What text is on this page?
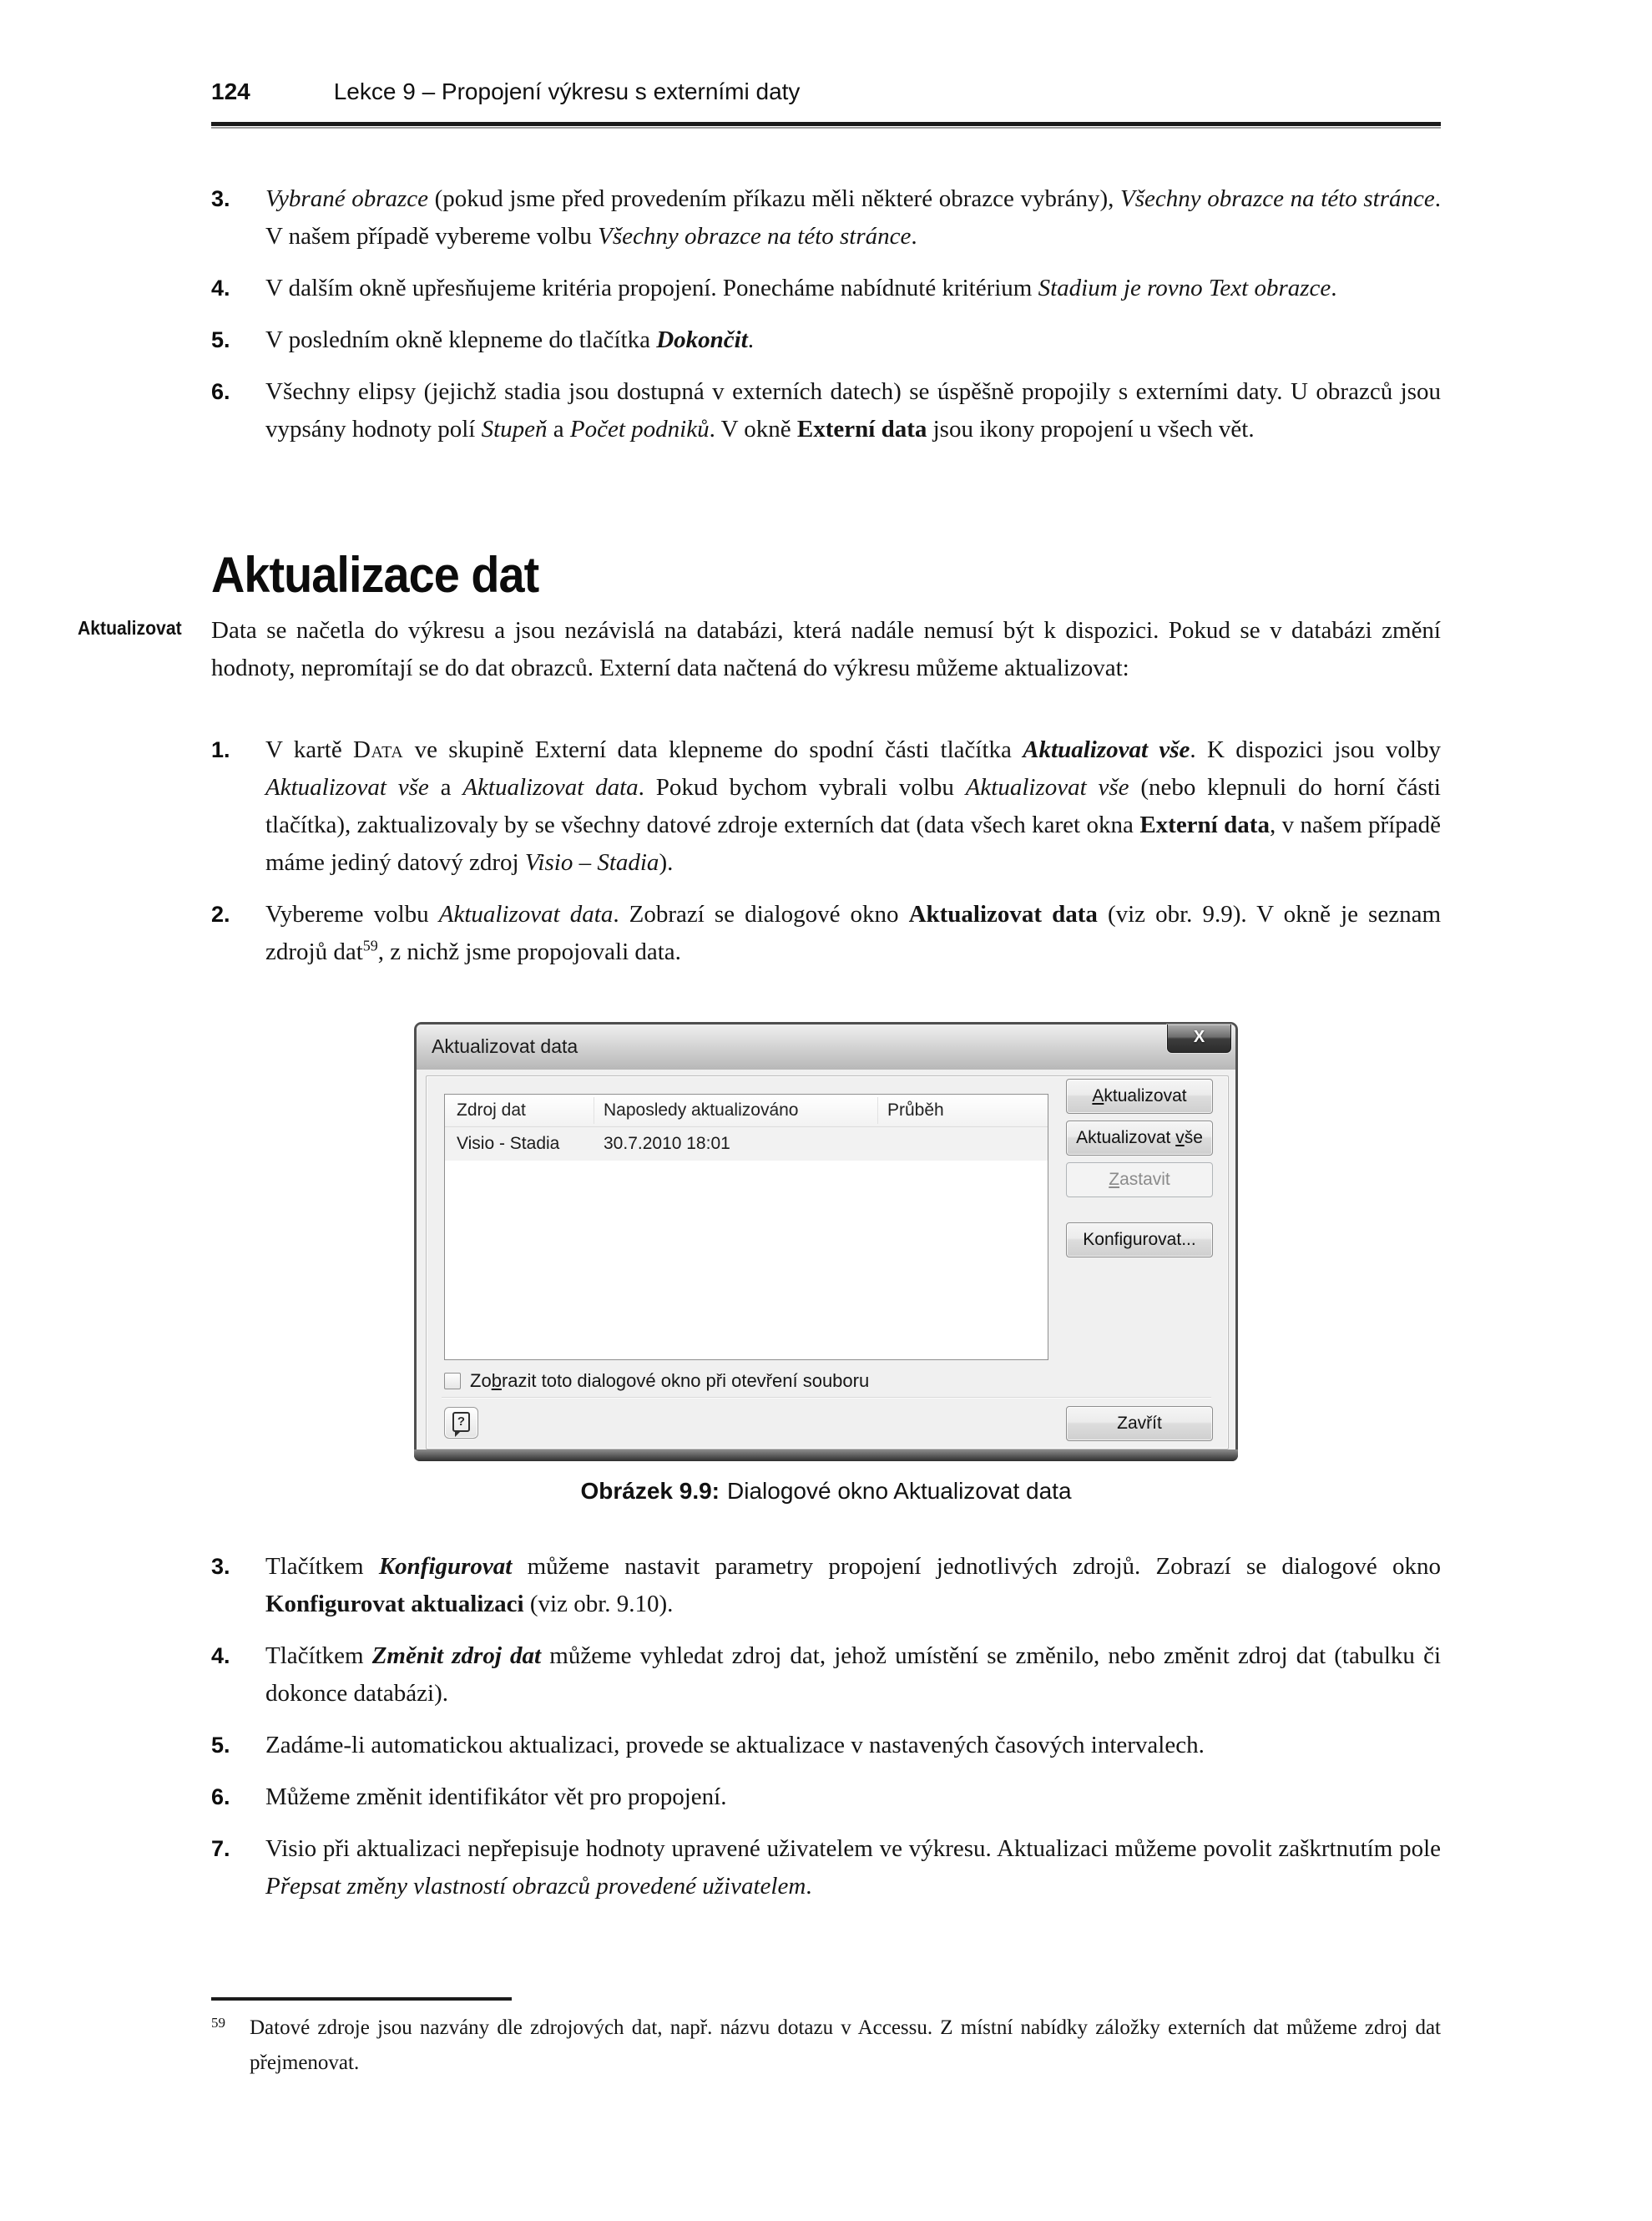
124	Lekce 9 – Propojení výkresu s externími daty
3.	Vybrané obrazce (pokud jsme před provedením příkazu měli některé obrazce vybrány), Všechny obrazce na této stránce. V našem případě vybereme volbu Všechny obrazce na této stránce.
4.	V dalším okně upřesňujeme kritéria propojení. Ponecháme nabídnuté kritérium Stadium je rovno Text obrazce.
5.	V posledním okně klepneme do tlačítka Dokončit.
6.	Všechny elipsy (jejichž stadia jsou dostupná v externích datech) se úspěšně propojily s externími daty. U obrazců jsou vypsány hodnoty polí Stupeň a Počet podniků. V okně Externí data jsou ikony propojení u všech vět.
Aktualizace dat
Aktualizovat	Data se načetla do výkresu a jsou nezávislá na databázi, která nadále nemusí být k dispozici. Pokud se v databázi změní hodnoty, nepromítají se do dat obrazců. Externí data načtená do výkresu můžeme aktualizovat:
1.	V kartě Data ve skupině Externí data klepneme do spodní části tlačítka Aktualizovat vše. K dispozici jsou volby Aktualizovat vše a Aktualizovat data. Pokud bychom vybrali volbu Aktualizovat vše (nebo klepnuli do horní části tlačítka), zaktualizovaly by se všechny datové zdroje externích dat (data všech karet okna Externí data, v našem případě máme jediný datový zdroj Visio – Stadia).
2.	Vybereme volbu Aktualizovat data. Zobrazí se dialogové okno Aktualizovat data (viz obr. 9.9). V okně je seznam zdrojů dat$^{59}$, z nichž jsme propojovali data.
Aktualizovat data	X
Zdroj dat	Naposledy aktualizováno	Průběh
Visio - Stadia	30.7.2010 18:01
Aktualizovat
Aktualizovat vše
Zastavit
Konfigurovat...
Zobrazit toto dialogové okno při otevření souboru
?	Zavřít
Obrázek 9.9: Dialogové okno Aktualizovat data
3.	Tlačítkem Konfigurovat můžeme nastavit parametry propojení jednotlivých zdrojů. Zobrazí se dialogové okno Konfigurovat aktualizaci (viz obr. 9.10).
4.	Tlačítkem Změnit zdroj dat můžeme vyhledat zdroj dat, jehož umístění se změnilo, nebo změnit zdroj dat (tabulku či dokonce databázi).
5.	Zadáme-li automatickou aktualizaci, provede se aktualizace v nastavených časových intervalech.
6.	Můžeme změnit identifikátor vět pro propojení.
7.	Visio při aktualizaci nepřepisuje hodnoty upravené uživatelem ve výkresu. Aktualizaci můžeme povolit zaškrtnutím pole Přepsat změny vlastností obrazců provedené uživatelem.
59	Datové zdroje jsou nazvány dle zdrojových dat, např. názvu dotazu v Accessu. Z místní nabídky záložky externích dat můžeme zdroj dat přejmenovat.
